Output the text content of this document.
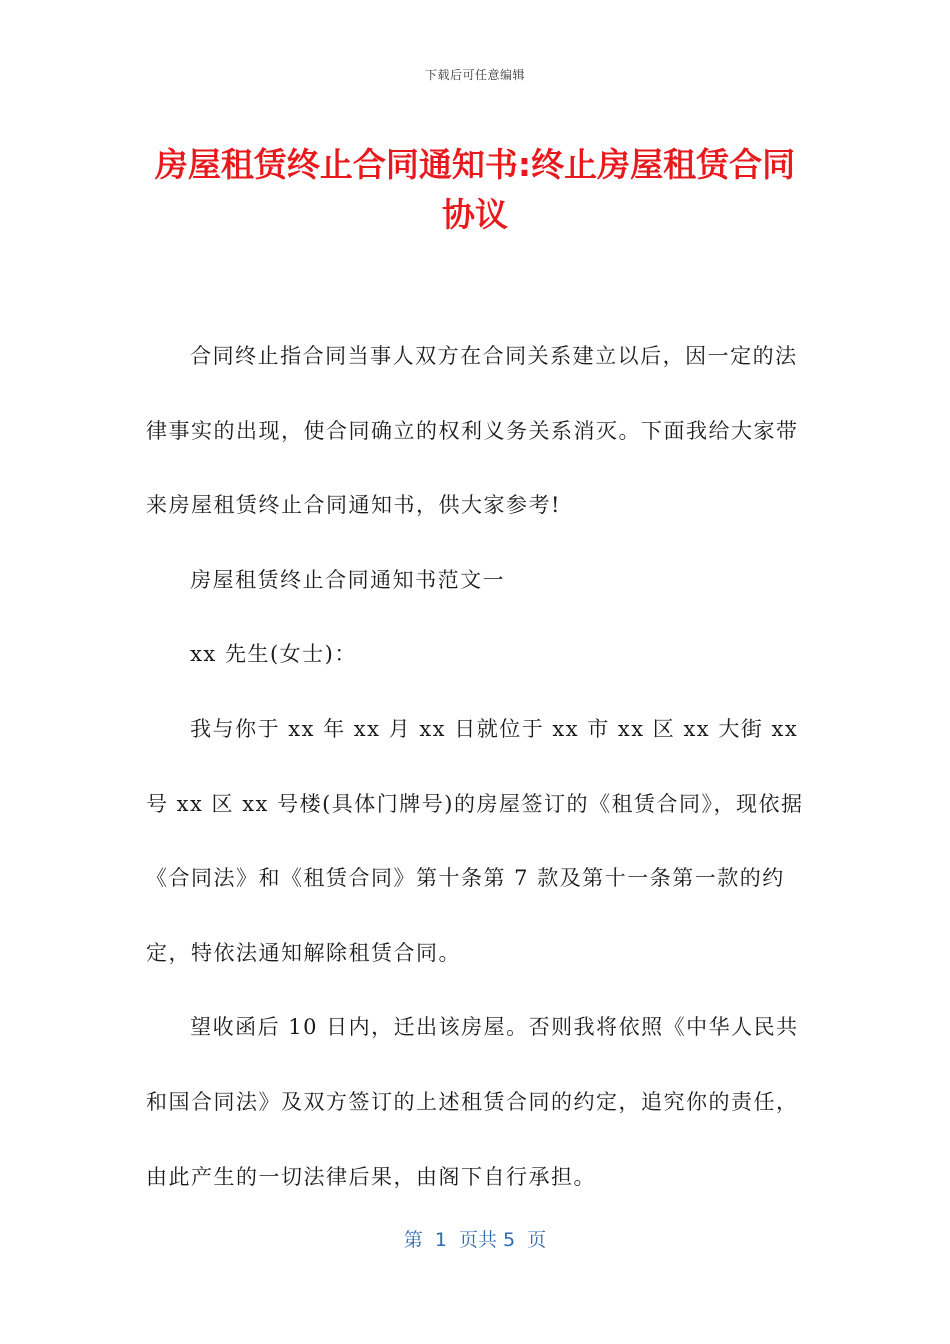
下载后可任意编辑
房屋租赁终止合同通知书:终止房屋租赁合同协议

合同终止指合同当事人双方在合同关系建立以后，因一定的法律事实的出现，使合同确立的权利义务关系消灭。下面我给大家带来房屋租赁终止合同通知书，供大家参考!

房屋租赁终止合同通知书范文一

xx 先生(女士)：

我与你于 xx 年 xx 月 xx 日就位于 xx 市 xx 区 xx 大街 xx 号 xx 区 xx 号楼(具体门牌号)的房屋签订的《租赁合同》，现依据《合同法》和《租赁合同》第十条第 7 款及第十一条第一款的约定，特依法通知解除租赁合同。

望收函后 10 日内，迁出该房屋。否则我将依照《中华人民共和国合同法》及双方签订的上述租赁合同的约定，追究你的责任，由此产生的一切法律后果，由阁下自行承担。

第  1  页共 5  页
